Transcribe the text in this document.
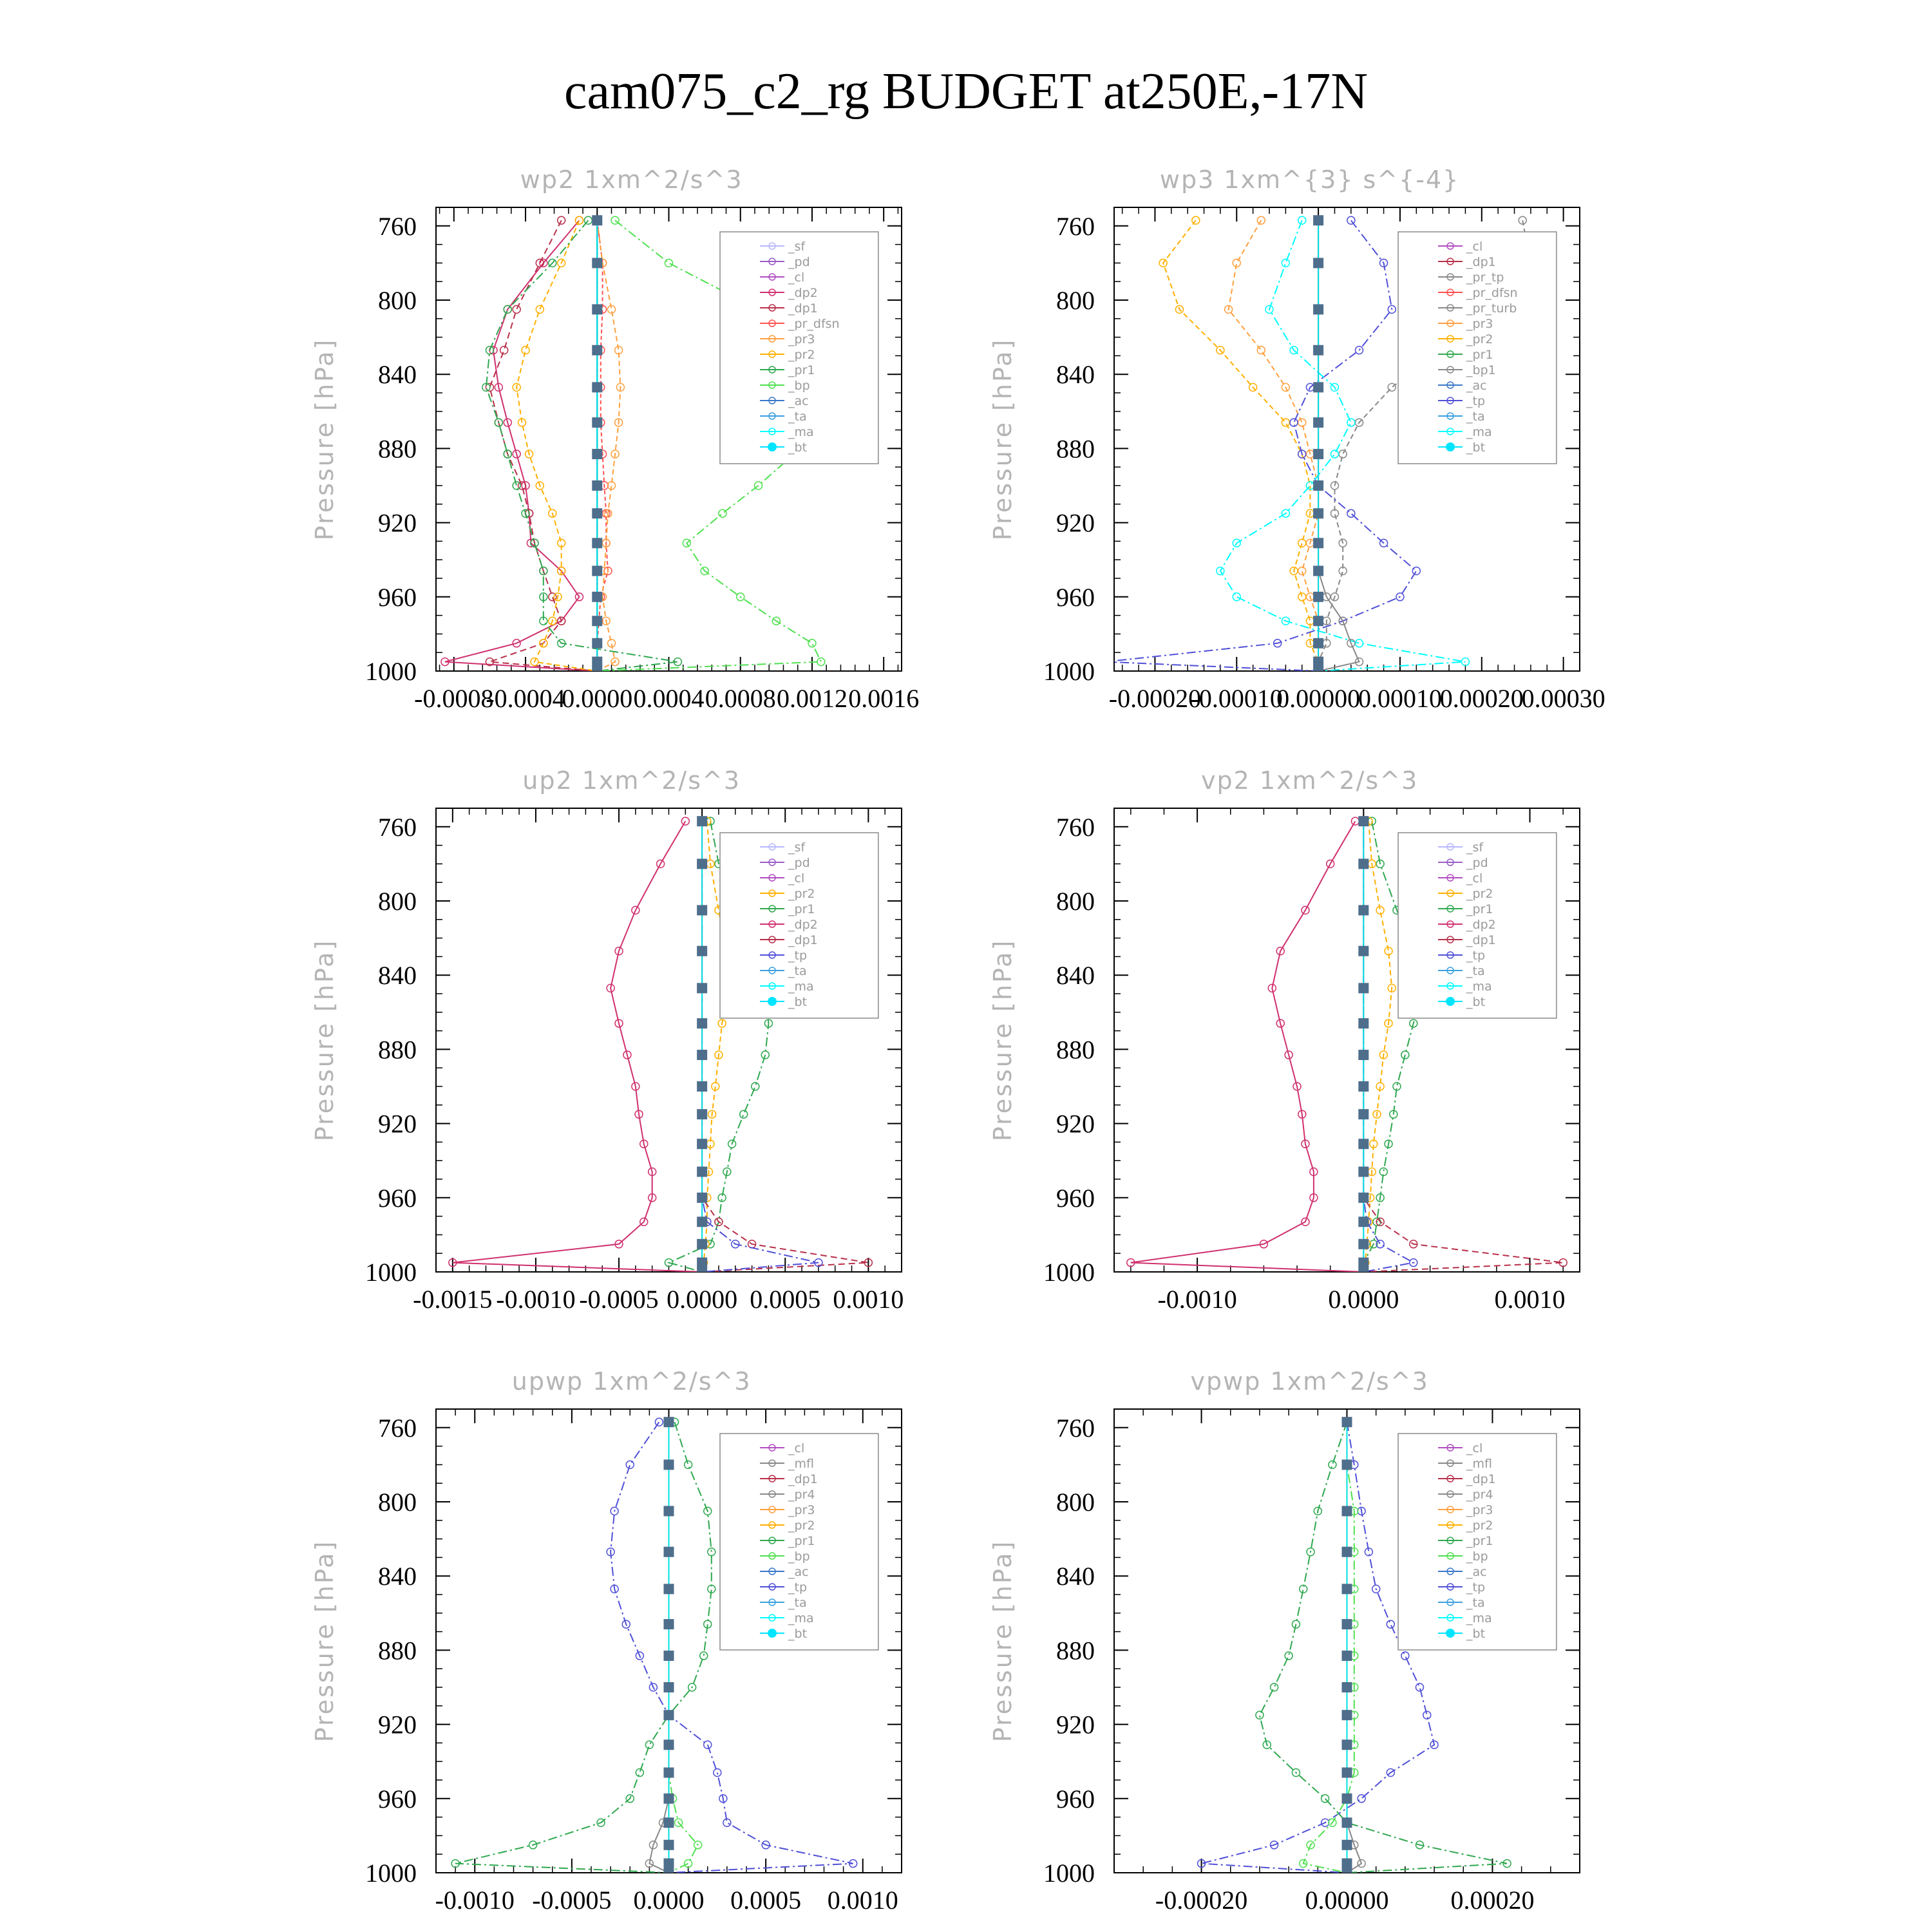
cam075_c2_rg BUDGET at250E,-17N
wp2 1xm^2/s^3
Pressure [hPa]
760
800
840
880
920
960
1000
-0.0008
-0.0004
0.0000 0.0004 0.0008 0.0012 0.0016
_sf
_pd
_cl
_dp2
_dp1
_pr_dfsn
_pr3
_pr2
_pr1
_bp
_ac
_ta
_ma
_bt
wp3 1xm^{3} s^{-4}
Pressure [hPa]
760
800
840
880
920
960
1000
-0.00020
-0.00010
0.00000
0.00010
0.00020
0.00030
_cl
_dp1
_pr_tp
_pr_dfsn
_pr_turb
_pr3
_pr2
_pr1
_bp1
_ac
_tp
_ta
_ma
_bt
up2 1xm^2/s^3
Pressure [hPa]
760
800
840
880
920
960
1000
-0.0015 -0.0010 -0.0005 0.0000 0.0005 0.0010
_sf
_pd
_cl
_pr2
_pr1
_dp2
_dp1
_tp
_ta
_ma
_bt
vp2 1xm^2/s^3
Pressure [hPa]
760
800
840
880
920
960
1000
-0.0010	0.0000	0.0010
_sf
_pd
_cl
_pr2
_pr1
_dp2
_dp1
_tp
_ta
_ma
_bt
upwp 1xm^2/s^3
Pressure [hPa]
760
800
840
880
920
960
1000
-0.0010 -0.0005 0.0000 0.0005 0.0010
_cl
_mfl
_dp1
_pr4
_pr3
_pr2
_pr1
_bp
_ac
_tp
_ta
_ma
_bt
vpwp 1xm^2/s^3
Pressure [hPa]
760
800
840
880
920
960
1000
-0.00020 0.00000 0.00020
_cl
_mfl
_dp1
_pr4
_pr3
_pr2
_pr1
_bp
_ac
_tp
_ta
_ma
_bt
